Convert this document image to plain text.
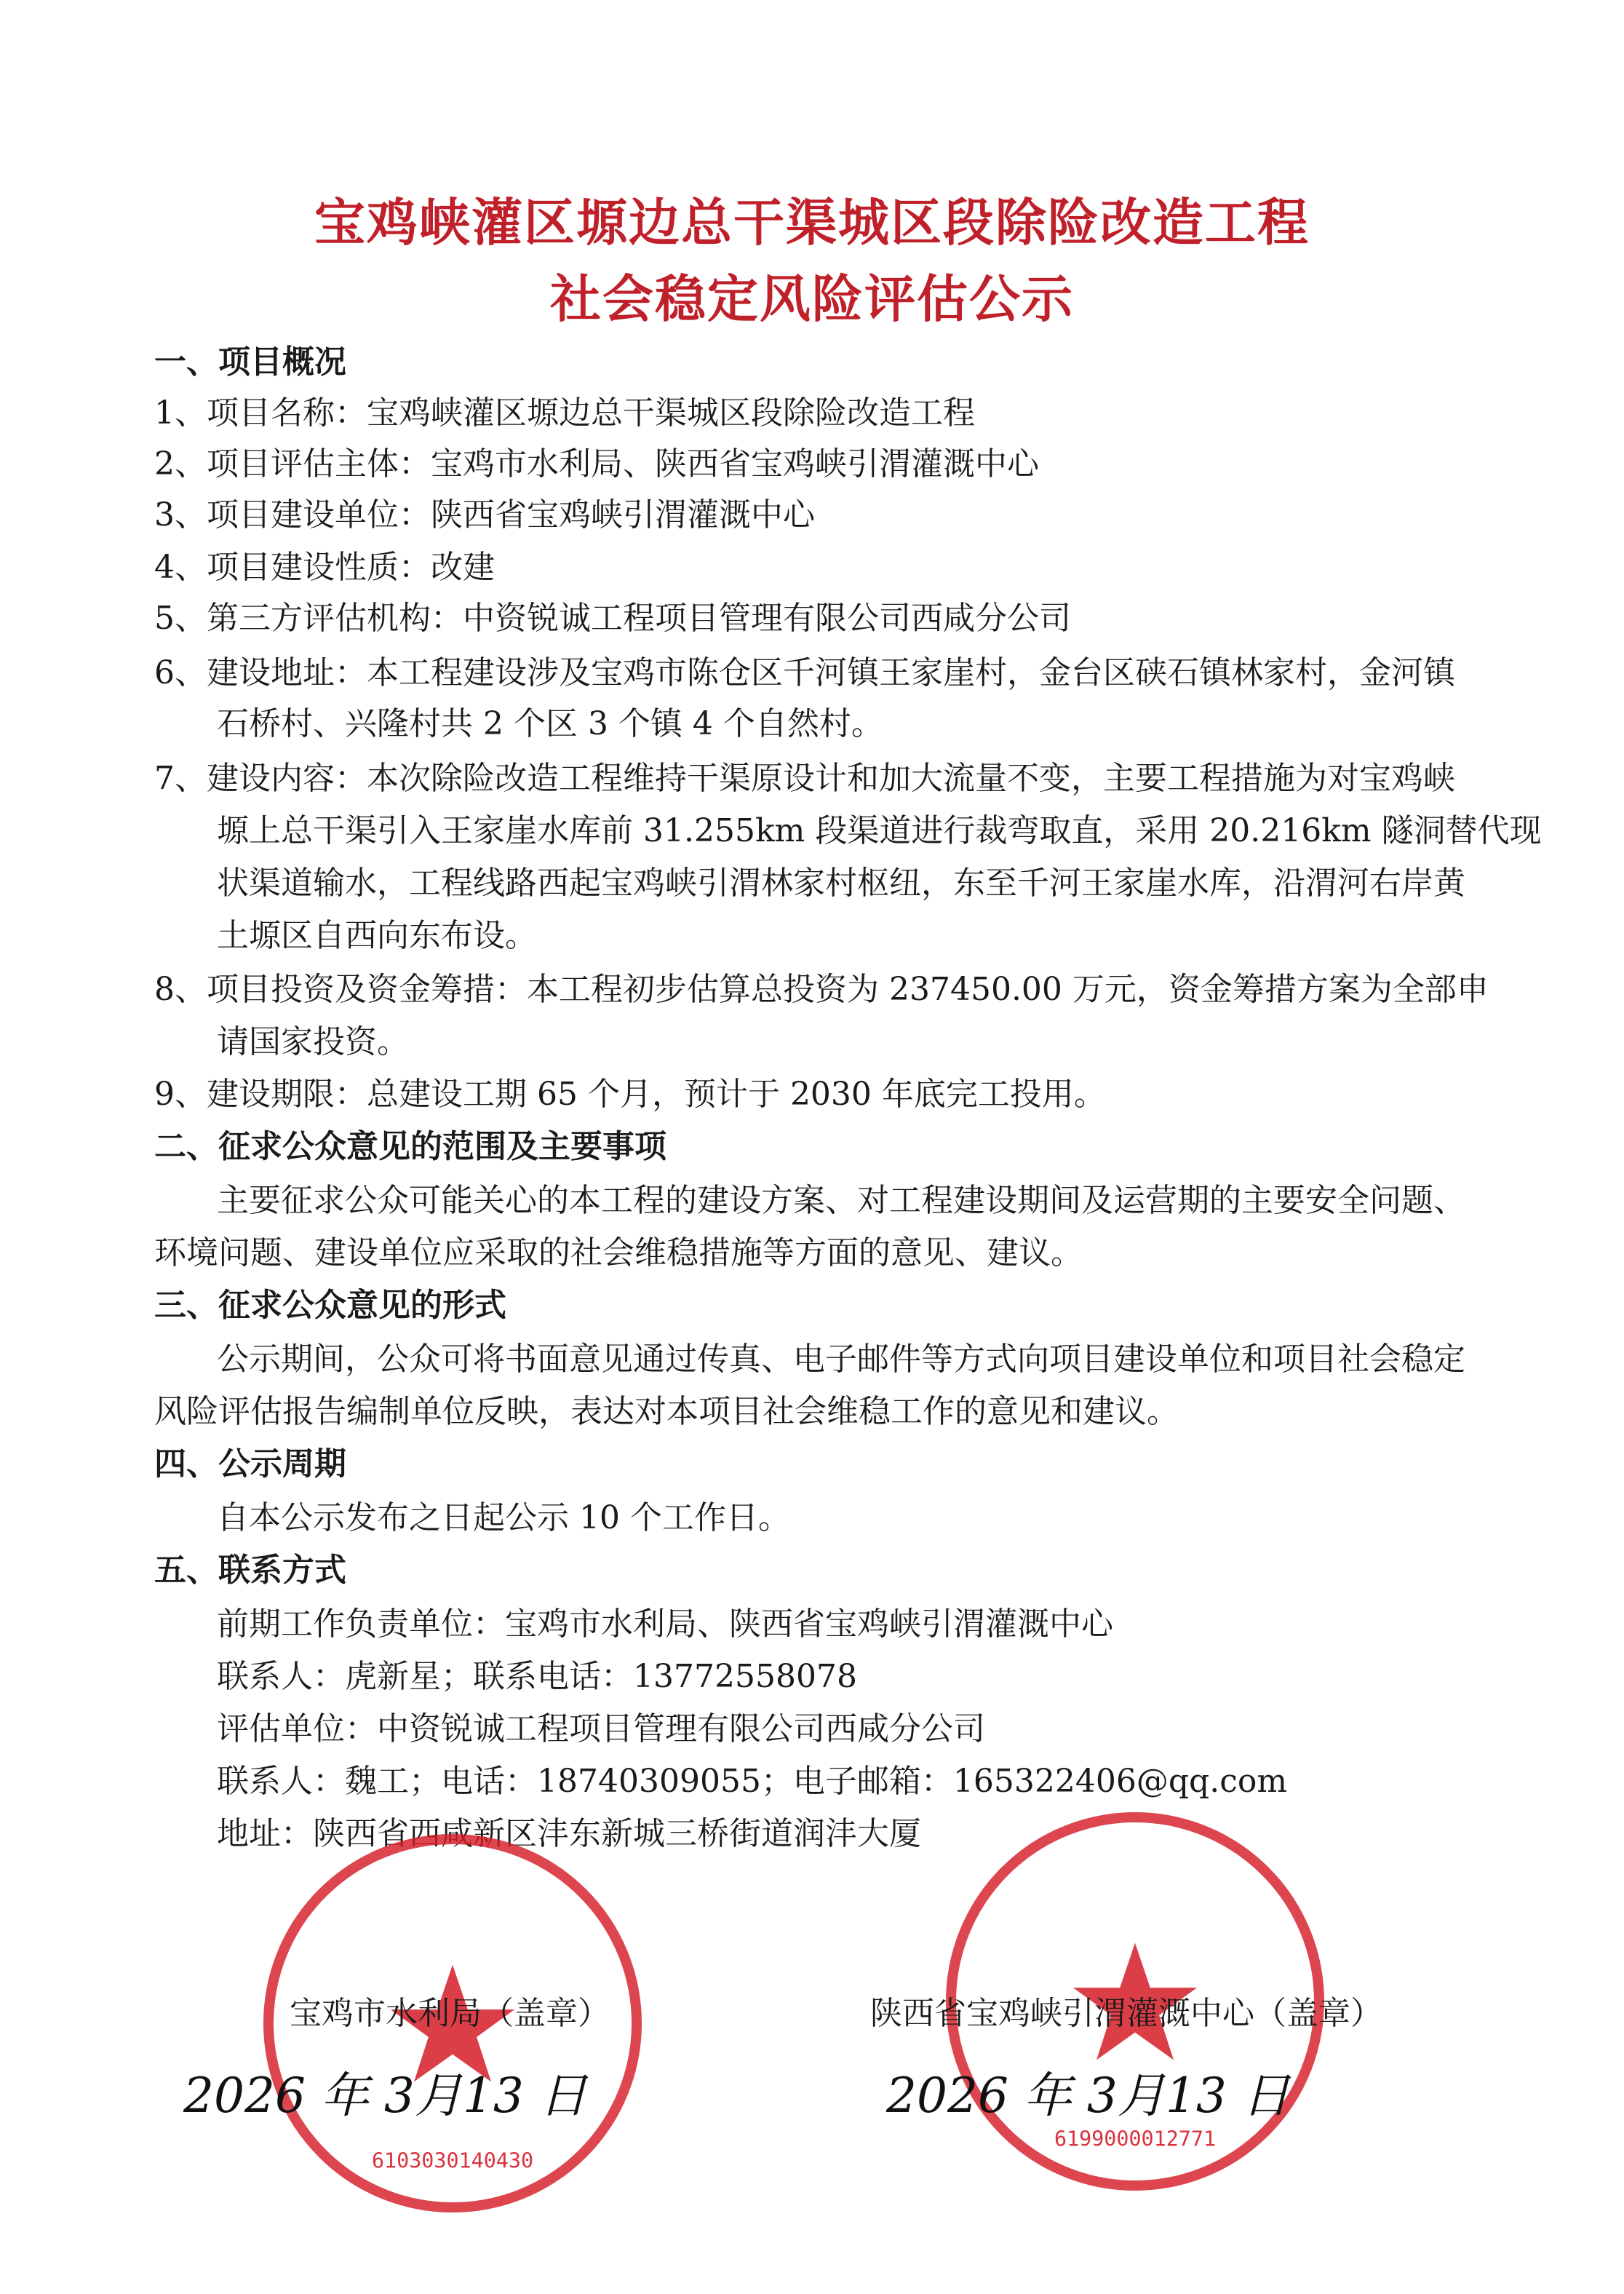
宝鸡峡灌区塬边总干渠城区段除险改造工程
社会稳定风险评估公示
一、项目概况
1、项目名称：宝鸡峡灌区塬边总干渠城区段除险改造工程
2、项目评估主体：宝鸡市水利局、陕西省宝鸡峡引渭灌溉中心
3、项目建设单位：陕西省宝鸡峡引渭灌溉中心
4、项目建设性质：改建
5、第三方评估机构：中资锐诚工程项目管理有限公司西咸分公司
6、建设地址：本工程建设涉及宝鸡市陈仓区千河镇王家崖村，金台区硖石镇林家村，金河镇
石桥村、兴隆村共 2 个区 3 个镇 4 个自然村。
7、建设内容：本次除险改造工程维持干渠原设计和加大流量不变，主要工程措施为对宝鸡峡
塬上总干渠引入王家崖水库前 31.255km 段渠道进行裁弯取直，采用 20.216km 隧洞替代现
状渠道输水，工程线路西起宝鸡峡引渭林家村枢纽，东至千河王家崖水库，沿渭河右岸黄
土塬区自西向东布设。
8、项目投资及资金筹措：本工程初步估算总投资为 237450.00 万元，资金筹措方案为全部申
请国家投资。
9、建设期限：总建设工期 65 个月，预计于 2030 年底完工投用。
二、征求公众意见的范围及主要事项
主要征求公众可能关心的本工程的建设方案、对工程建设期间及运营期的主要安全问题、
环境问题、建设单位应采取的社会维稳措施等方面的意见、建议。
三、征求公众意见的形式
公示期间，公众可将书面意见通过传真、电子邮件等方式向项目建设单位和项目社会稳定
风险评估报告编制单位反映，表达对本项目社会维稳工作的意见和建议。
四、公示周期
自本公示发布之日起公示 10 个工作日。
五、联系方式
前期工作负责单位：宝鸡市水利局、陕西省宝鸡峡引渭灌溉中心
联系人：虎新星；联系电话：13772558078
评估单位：中资锐诚工程项目管理有限公司西咸分公司
联系人：魏工；电话：18740309055；电子邮箱：165322406@qq.com
地址：陕西省西咸新区沣东新城三桥街道润沣大厦
6103030140430
6199000012771
宝鸡市水利局（盖章）	陕西省宝鸡峡引渭灌溉中心（盖章）
2026 年 3月13 日	2026 年 3月13 日
